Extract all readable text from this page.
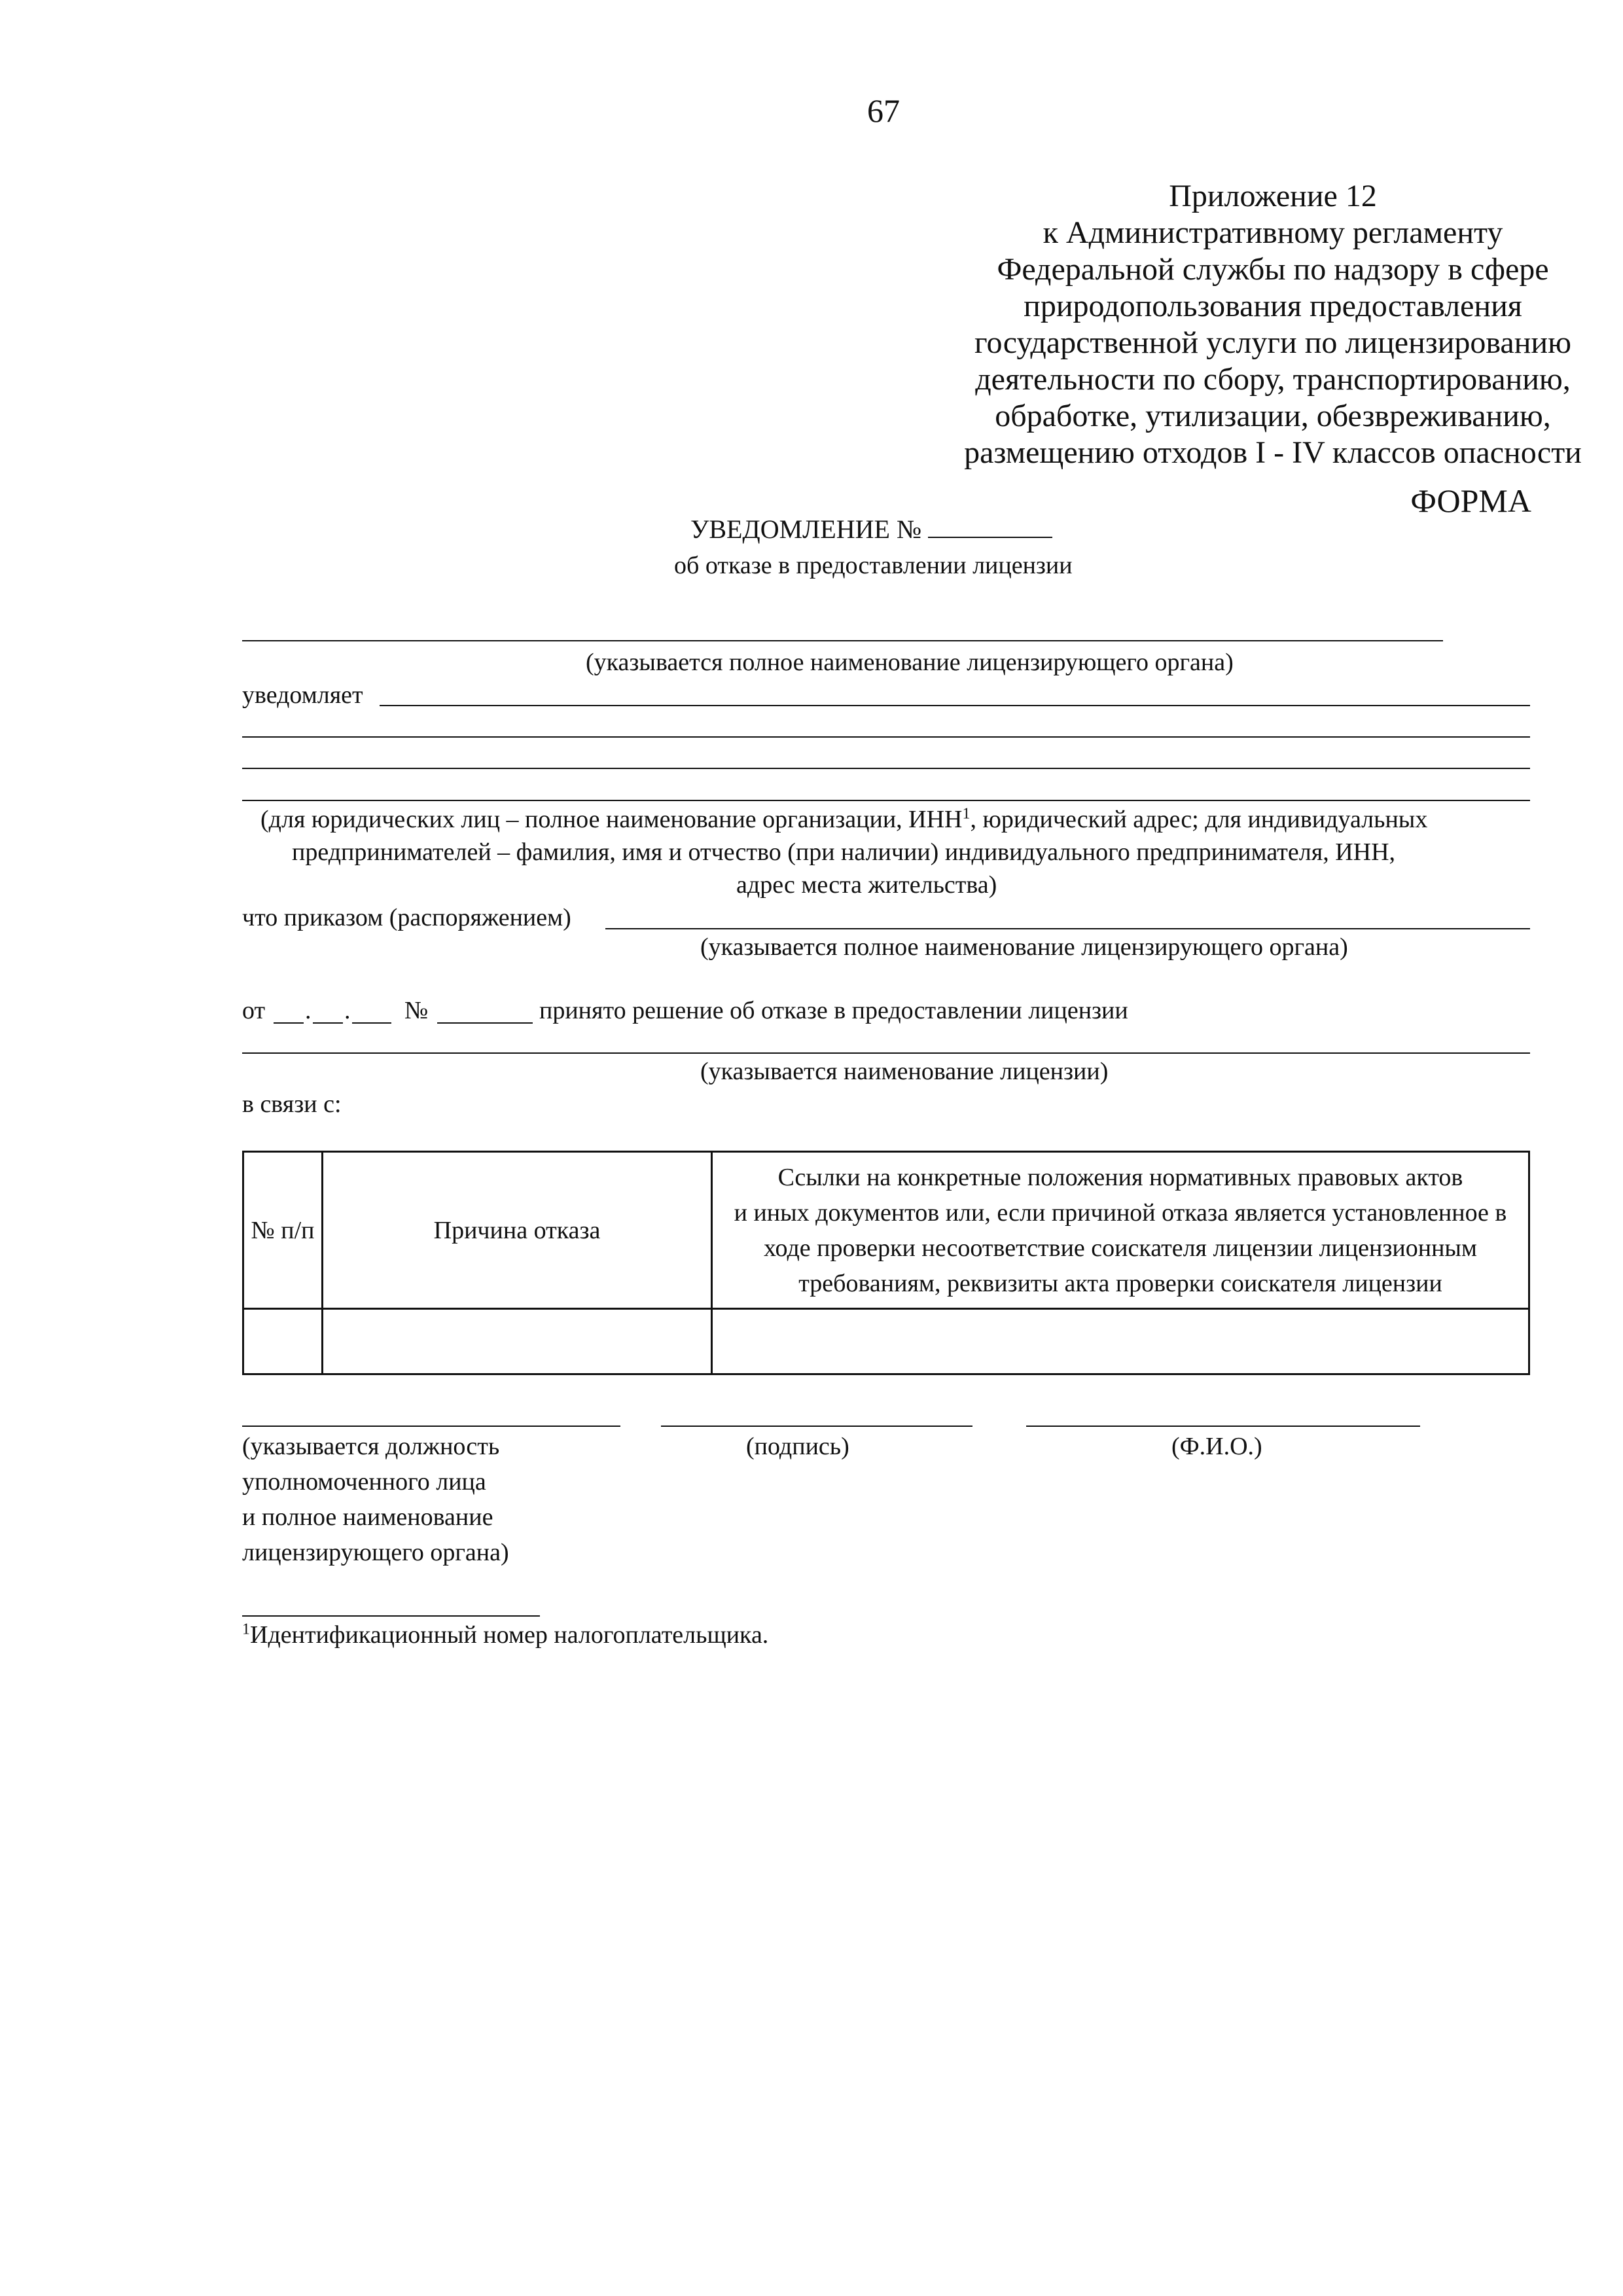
67
Приложение 12
к Административному регламенту
Федеральной службы по надзору в сфере
природопользования предоставления
государственной услуги по лицензированию
деятельности по сбору, транспортированию,
обработке, утилизации, обезвреживанию,
размещению отходов I - IV классов опасности
ФОРМА
УВЕДОМЛЕНИЕ №
об отказе в предоставлении лицензии
(указывается полное наименование лицензирующего органа)
уведомляет
(для юридических лиц – полное наименование организации, ИНН$^1$, юридический адрес; для индивидуальных
предпринимателей – фамилия, имя и отчество (при наличии) индивидуального предпринимателя, ИНН,
адрес места жительства)
что приказом (распоряжением)
(указывается полное наименование лицензирующего органа)
от . . №	принято решение об отказе в предоставлении лицензии
(указывается наименование лицензии)
в связи с:
№ п/п	Причина отказа	Ссылки на конкретные положения нормативных правовых актов
и иных документов или, если причиной отказа является установленное в
ходе проверки несоответствие соискателя лицензии лицензионным
требованиям, реквизиты акта проверки соискателя лицензии

(указывается должность
уполномоченного лица
и полное наименование
лицензирующего органа)
(подпись)	(Ф.И.О.)
$^1$Идентификационный номер налогоплательщика.
